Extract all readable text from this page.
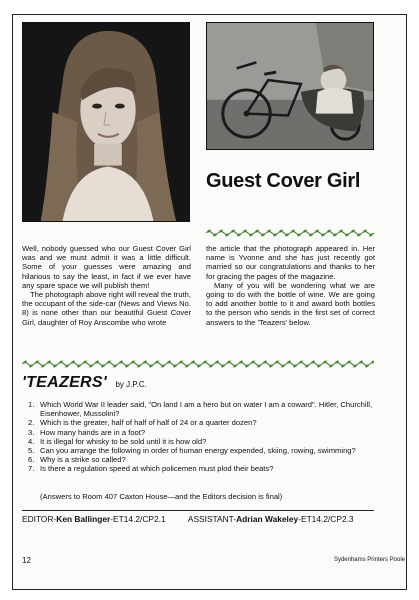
Guest Cover Girl

Well, nobody guessed who our Guest Cover Girl was and we must admit it was a little difficult. Some of your guesses were amazing and hilarious to say the least, in fact if we ever have any spare space we will publish them!

The photograph above right will reveal the truth, the occupant of the side-car (News and Views No. 8) is none other than our beautiful Guest Cover Girl, daughter of Roy Anscombe who wrote

the article that the photograph appeared in. Her name is Yvonne and she has just recently got married so our congratulations and thanks to her for gracing the pages of the magazine.

Many of you will be wondering what we are going to do with the bottle of wine. We are going to add another bottle to it and award both bottles to the person who sends in the first set of correct answers to the 'Teazers' below.

'TEAZERS' by J.P.C.
1. Which World War II leader said, "On land I am a hero but on water I am a coward". Hitler, Churchill, Eisenhower, Mussolini?
2. Which is the greater, half of half of half of 24 or a quarter dozen?
3. How many hands are in a foot?
4. It is illegal for whisky to be sold until it is how old?
5. Can you arrange the following in order of human energy expended, skiing, rowing, swimming?
6. Why is a strike so called?
7. Is there a regulation speed at which policemen must plod their beats?
(Answers to Room 407 Caxton House—and the Editors decision is final)
EDITOR-Ken Ballinger-ET14.2/CP2.1	ASSISTANT-Adrian Wakeley-ET14.2/CP2.3
12	Sydenhams Printers Poole
